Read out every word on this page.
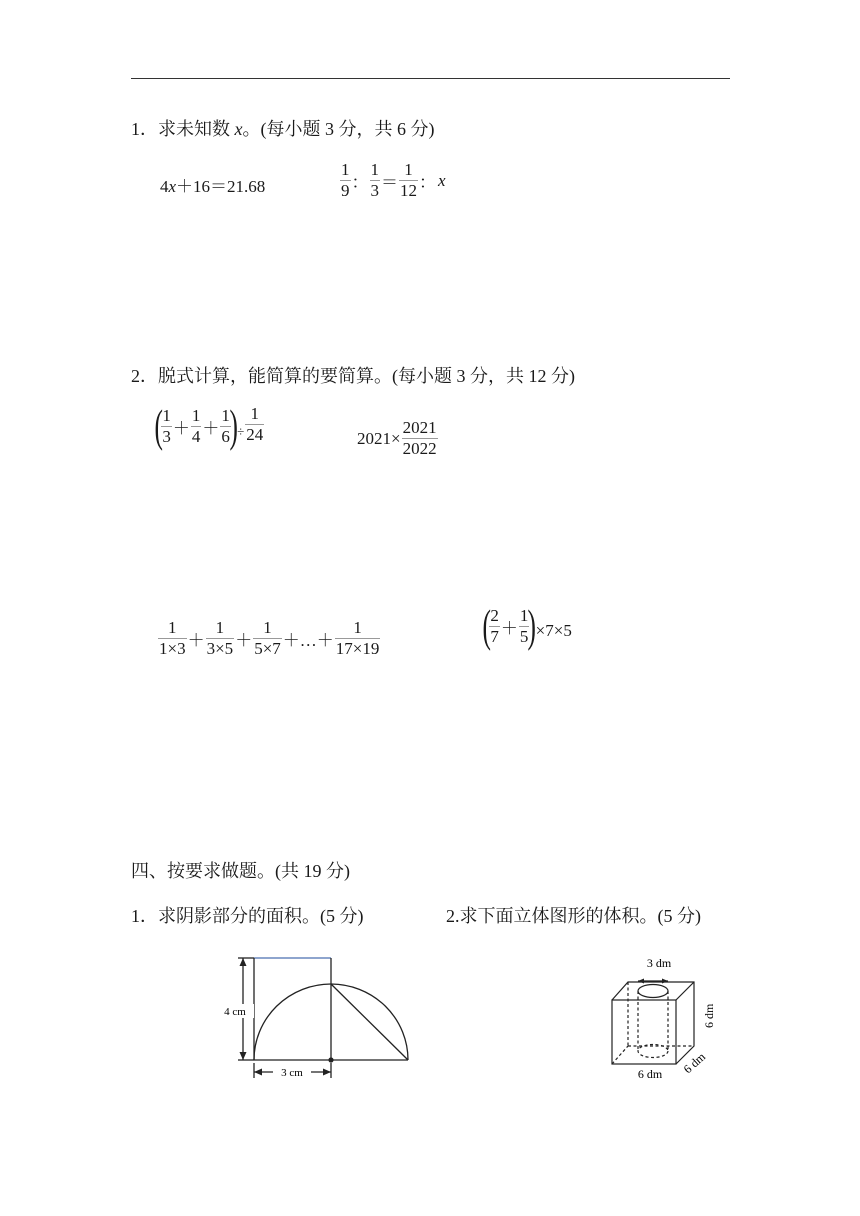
1．求未知数 x。(每小题 3 分，共 6 分)
4x＋16＝21.68	$\frac{1}{9}$ ： $\frac{1}{3} = \frac{1}{12}$ ： x
2．脱式计算，能简算的要简算。(每小题 3 分，共 12 分)
(
$\frac{1}{3} + \frac{1}{4} + \frac{1}{6}$
)$_\div \frac{1}{24}$	$2021\times \frac{2021}{2022}$
$\frac{1}{1\times 3} + \frac{1}{3\times 5} + \frac{1}{5\times 7}$ ＋…＋ $\frac{1}{17\times 19}$ (
$\frac{2}{7} + \frac{1}{5}$
)×7×5
四、按要求做题。(共 19 分)
1．求阴影部分的面积。(5 分)	2.求下面立体图形的体积。(5 分)
4 cm
3 cm
3 dm
6 dm
6 dm 6 dm
